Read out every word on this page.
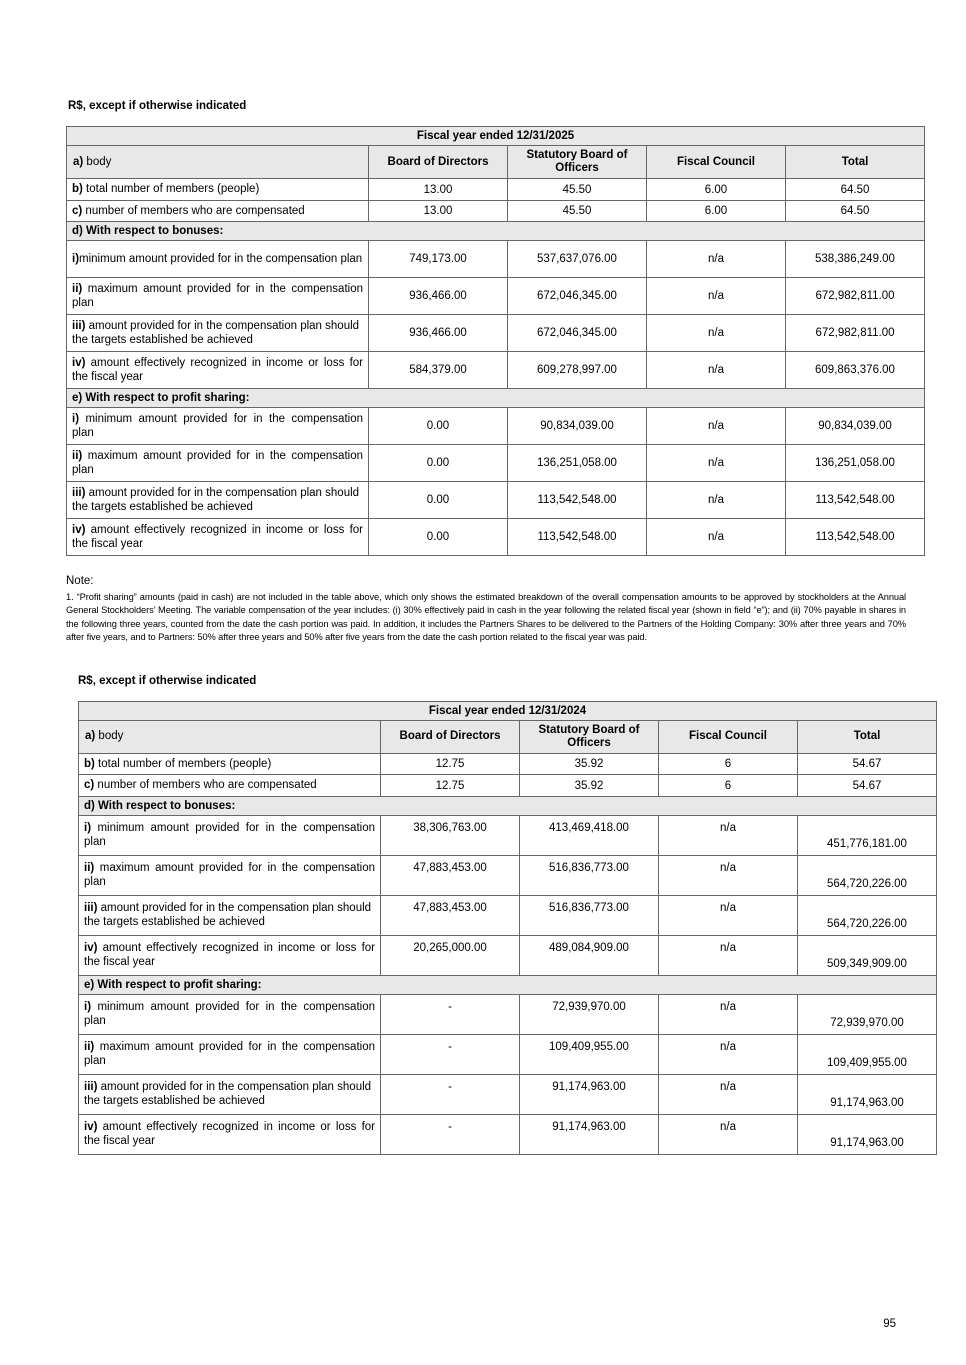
R$, except if otherwise indicated
Fiscal year ended 12/31/2025				
a) body	Board of Directors	Statutory Board of Officers	Fiscal Council	Total
b) total number of members (people)	13.00	45.50	6.00	64.50
c) number of members who are compensated	13.00	45.50	6.00	64.50
d) With respect to bonuses:				
i)minimum amount provided for in the compensation plan	749,173.00	537,637,076.00	n/a	538,386,249.00
ii) maximum amount provided for in the compensation plan	936,466.00	672,046,345.00	n/a	672,982,811.00
iii) amount provided for in the compensation plan should the targets established be achieved	936,466.00	672,046,345.00	n/a	672,982,811.00
iv) amount effectively recognized in income or loss for the fiscal year	584,379.00	609,278,997.00	n/a	609,863,376.00
e) With respect to profit sharing:				
i) minimum amount provided for in the compensation plan	0.00	90,834,039.00	n/a	90,834,039.00
ii) maximum amount provided for in the compensation plan	0.00	136,251,058.00	n/a	136,251,058.00
iii) amount provided for in the compensation plan should the targets established be achieved	0.00	113,542,548.00	n/a	113,542,548.00
iv) amount effectively recognized in income or loss for the fiscal year	0.00	113,542,548.00	n/a	113,542,548.00
Note:
1. “Profit sharing” amounts (paid in cash) are not included in the table above, which only shows the estimated breakdown of the overall compensation amounts to be approved by stockholders at the Annual General Stockholders’ Meeting. The variable compensation of the year includes: (i) 30% effectively paid in cash in the year following the related fiscal year (shown in field “e”); and (ii) 70% payable in shares in the following three years, counted from the date the cash portion was paid. In addition, it includes the Partners Shares to be delivered to the Partners of the Holding Company: 30% after three years and 70% after five years, and to Partners: 50% after three years and 50% after five years from the date the cash portion related to the fiscal year was paid.
R$, except if otherwise indicated
Fiscal year ended 12/31/2024				
a) body	Board of Directors	Statutory Board of Officers	Fiscal Council	Total
b) total number of members (people)	12.75	35.92	6	54.67
c) number of members who are compensated	12.75	35.92	6	54.67
d) With respect to bonuses:				
i) minimum amount provided for in the compensation plan	38,306,763.00	413,469,418.00	n/a	451,776,181.00
ii) maximum amount provided for in the compensation plan	47,883,453.00	516,836,773.00	n/a	564,720,226.00
iii) amount provided for in the compensation plan should the targets established be achieved	47,883,453.00	516,836,773.00	n/a	564,720,226.00
iv) amount effectively recognized in income or loss for the fiscal year	20,265,000.00	489,084,909.00	n/a	509,349,909.00
e) With respect to profit sharing:				
i) minimum amount provided for in the compensation plan	-	72,939,970.00	n/a	72,939,970.00
ii) maximum amount provided for in the compensation plan	-	109,409,955.00	n/a	109,409,955.00
iii) amount provided for in the compensation plan should the targets established be achieved	-	91,174,963.00	n/a	91,174,963.00
iv) amount effectively recognized in income or loss for the fiscal year	-	91,174,963.00	n/a	91,174,963.00
95
